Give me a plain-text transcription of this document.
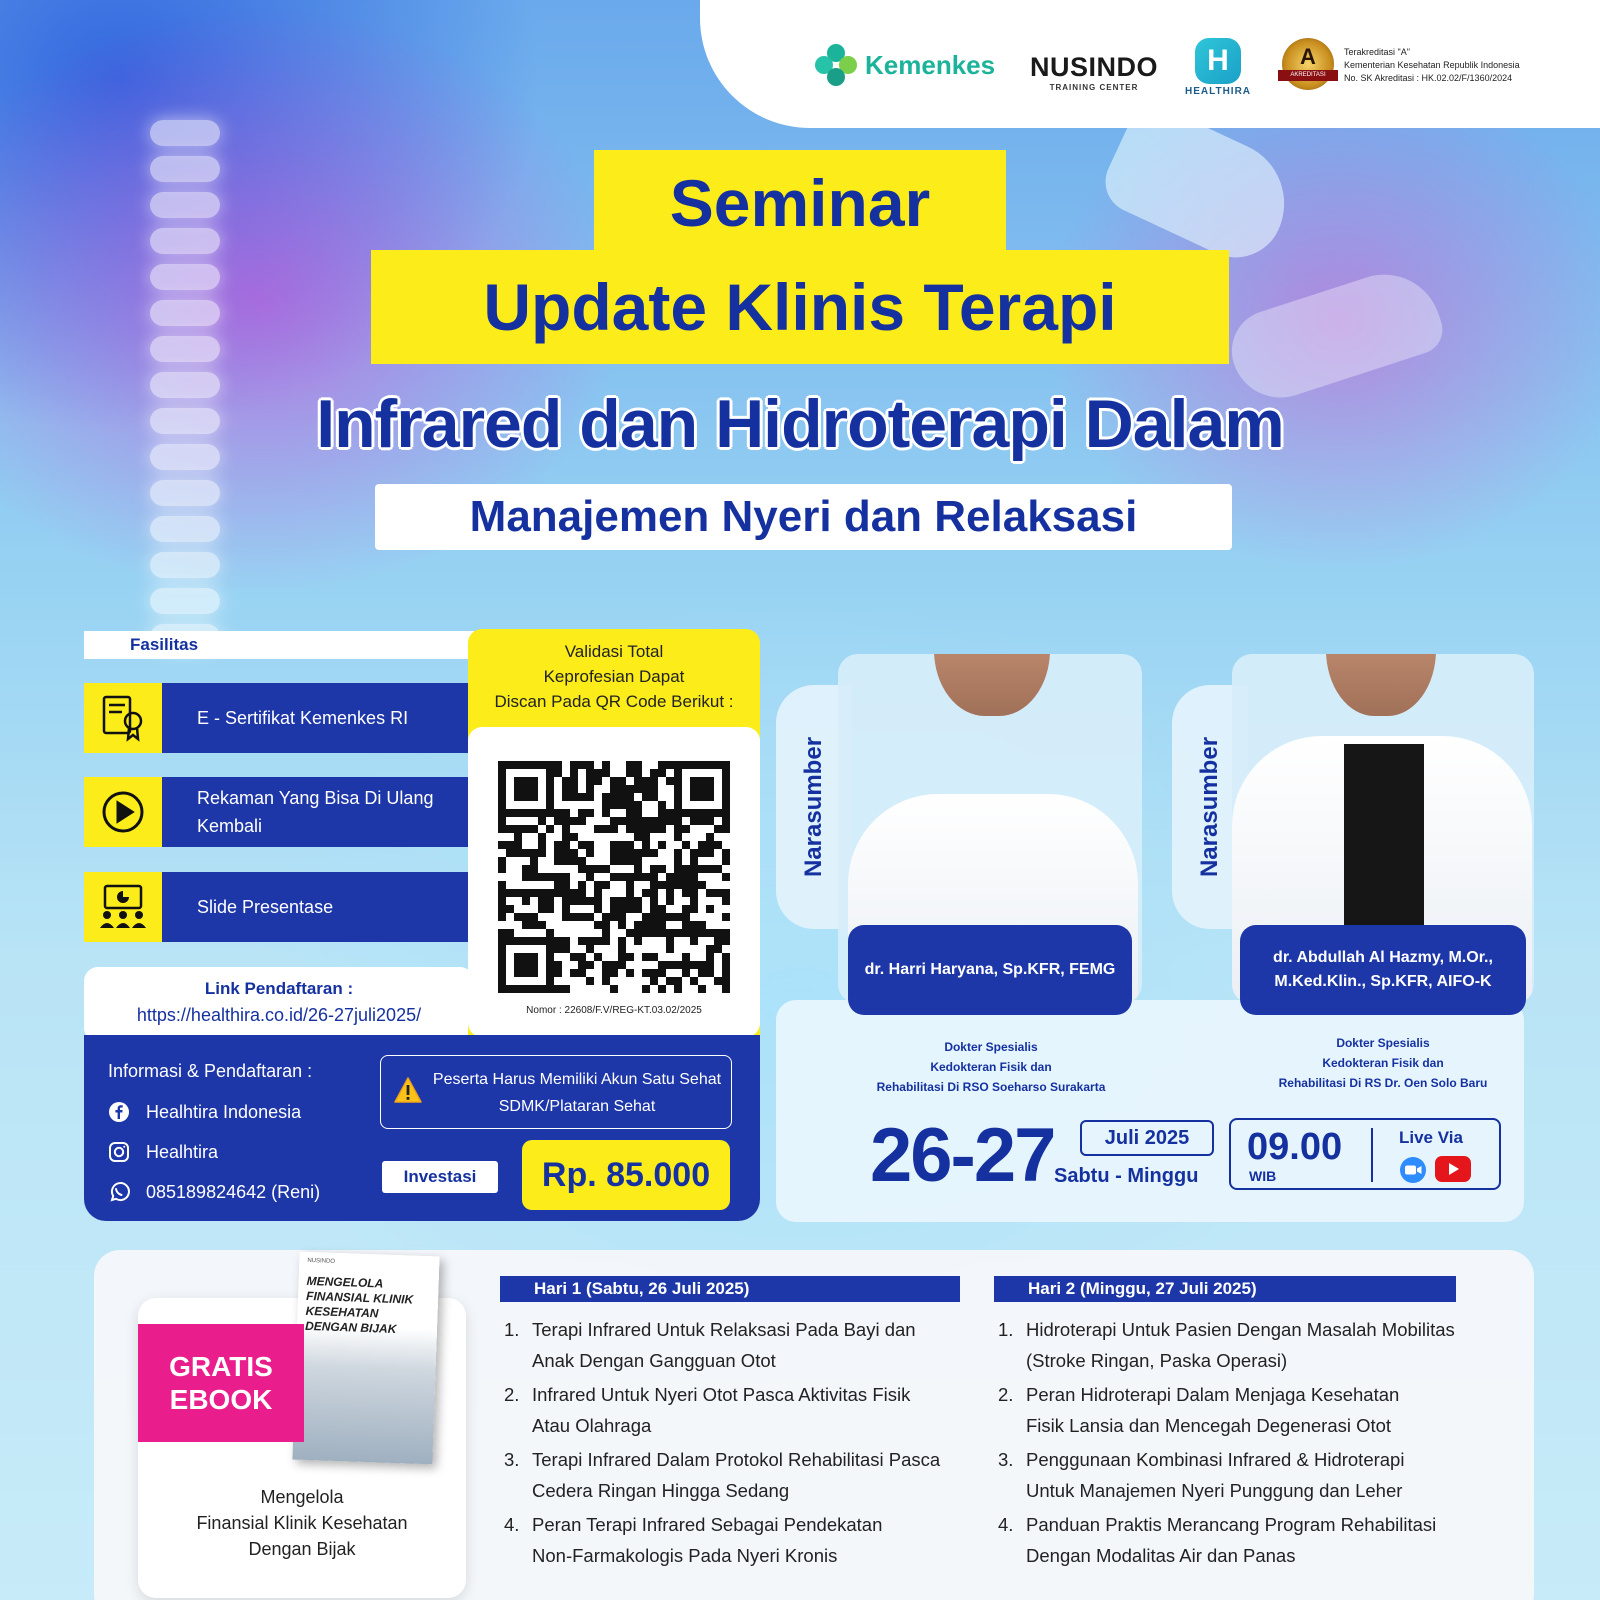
Kemenkes NUSINDO
TRAINING CENTER
H
HEALTHIRA
A
AKREDITASI
Terakreditasi "A"
Kementerian Kesehatan Republik Indonesia
No. SK Akreditasi : HK.02.02/F/1360/2024
Seminar
Update Klinis Terapi
Infrared dan Hidroterapi Dalam
Manajemen Nyeri dan Relaksasi
Fasilitas
E - Sertifikat Kemenkes RI
Rekaman Yang Bisa Di Ulang Kembali
Slide Presentase
Link Pendaftaran :
https://healthira.co.id/26-27juli2025/
Validasi Total
Keprofesian Dapat
Discan Pada QR Code Berikut :
Nomor : 22608/F.V/REG-KT.03.02/2025
Informasi & Pendaftaran :
Healhtira Indonesia
Healhtira
085189824642 (Reni)
Peserta Harus Memiliki Akun Satu Sehat SDMK/Plataran Sehat
Investasi	Rp. 85.000
Narasumber	Narasumber
dr. Harri Haryana, Sp.KFR, FEMG
dr. Abdullah Al Hazmy, M.Or., M.Ked.Klin., Sp.KFR, AIFO-K
Dokter Spesialis
Kedokteran Fisik dan
Rehabilitasi Di RSO Soeharso Surakarta
Dokter Spesialis
Kedokteran Fisik dan
Rehabilitasi Di RS Dr. Oen Solo Baru
26-27	Juli 2025
Sabtu - Minggu
09.00
WIB
Live Via
NUSINDO
MENGELOLA FINANSIAL KLINIK KESEHATAN DENGAN BIJAK
GRATIS
EBOOK
Mengelola
Finansial Klinik Kesehatan
Dengan Bijak
Hari 1 (Sabtu, 26 Juli 2025)
1. Terapi Infrared Untuk Relaksasi Pada Bayi dan
Anak Dengan Gangguan Otot
2. Infrared Untuk Nyeri Otot Pasca Aktivitas Fisik
Atau Olahraga
3. Terapi Infrared Dalam Protokol Rehabilitasi Pasca
Cedera Ringan Hingga Sedang
4. Peran Terapi Infrared Sebagai Pendekatan
Non-Farmakologis Pada Nyeri Kronis
Hari 2 (Minggu, 27 Juli 2025)
1. Hidroterapi Untuk Pasien Dengan Masalah Mobilitas
(Stroke Ringan, Paska Operasi)
2. Peran Hidroterapi Dalam Menjaga Kesehatan
Fisik Lansia dan Mencegah Degenerasi Otot
3. Penggunaan Kombinasi Infrared & Hidroterapi
Untuk Manajemen Nyeri Punggung dan Leher
4. Panduan Praktis Merancang Program Rehabilitasi
Dengan Modalitas Air dan Panas
